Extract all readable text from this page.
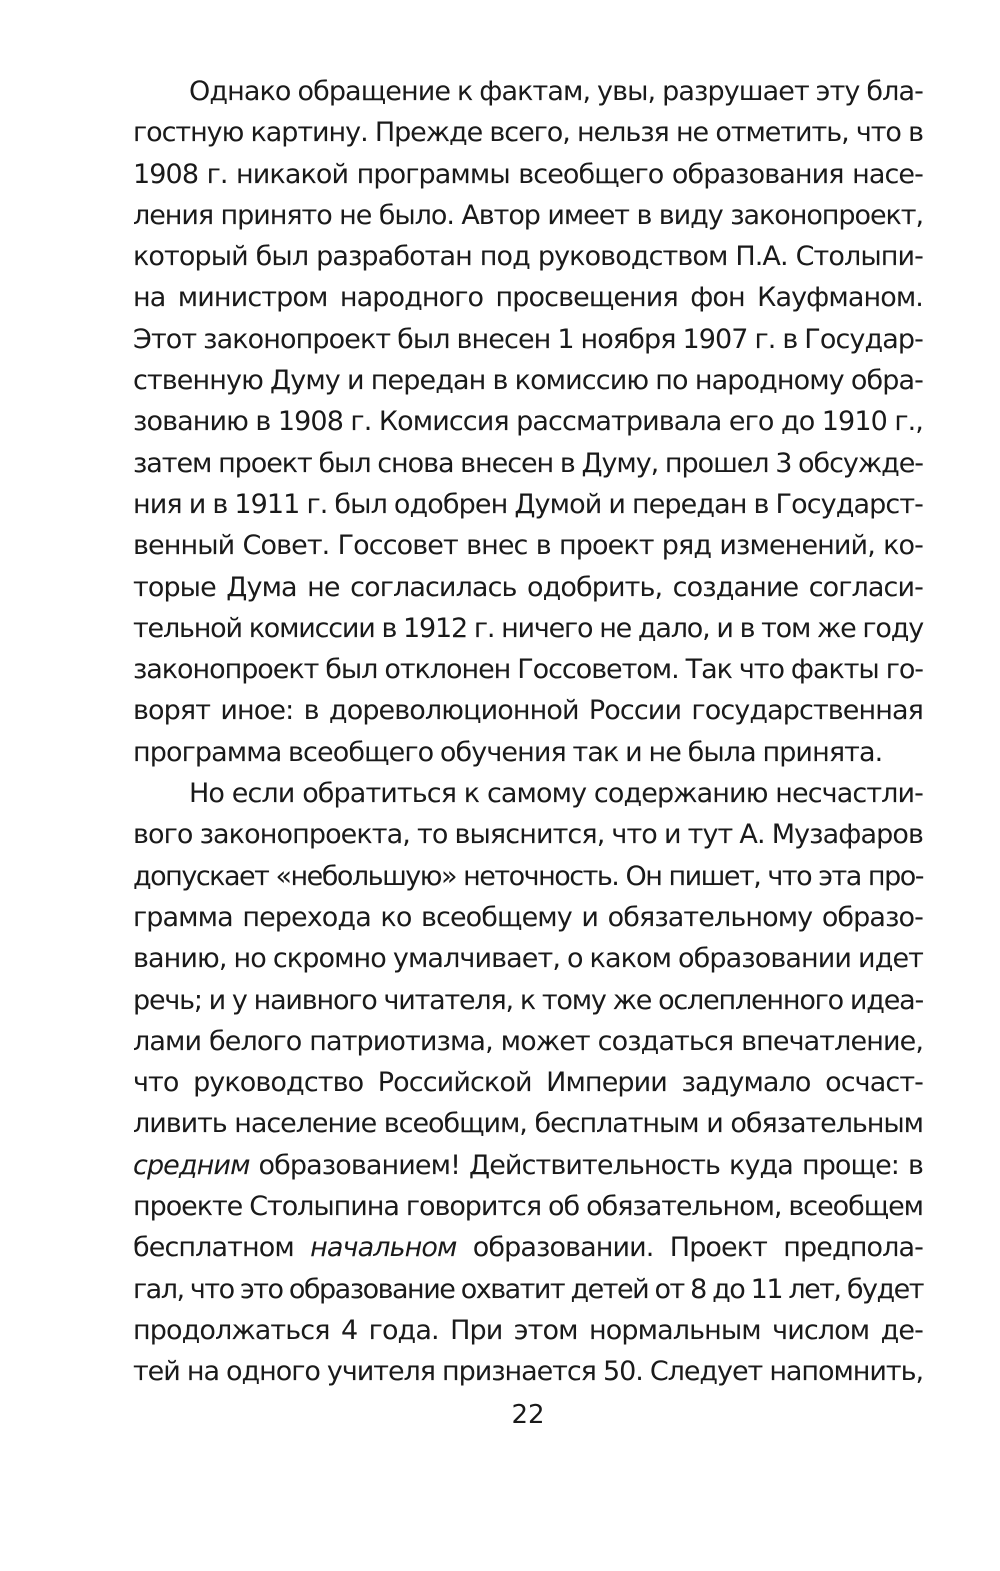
Однако обращение к фактам, увы, разрушает эту бла-
гостную картину. Прежде всего, нельзя не отметить, что в
1908 г. никакой программы всеобщего образования насе-
ления принято не было. Автор имеет в виду законопроект,
который был разработан под руководством П.А. Столыпи-
на министром народного просвещения фон Кауфманом.
Этот законопроект был внесен 1 ноября 1907 г. в Государ-
ственную Думу и передан в комиссию по народному обра-
зованию в 1908 г. Комиссия рассматривала его до 1910 г.,
затем проект был снова внесен в Думу, прошел 3 обсужде-
ния и в 1911 г. был одобрен Думой и передан в Государст-
венный Совет. Госсовет внес в проект ряд изменений, ко-
торые Дума не согласилась одобрить, создание согласи-
тельной комиссии в 1912 г. ничего не дало, и в том же году
законопроект был отклонен Госсоветом. Так что факты го-
ворят иное: в дореволюционной России государственная
программа всеобщего обучения так и не была принята.
Но если обратиться к самому содержанию несчастли-
вого законопроекта, то выяснится, что и тут А. Музафаров
допускает «небольшую» неточность. Он пишет, что эта про-
грамма перехода ко всеобщему и обязательному образо-
ванию, но скромно умалчивает, о каком образовании идет
речь; и у наивного читателя, к тому же ослепленного идеа-
лами белого патриотизма, может создаться впечатление,
что руководство Российской Империи задумало осчаст-
ливить население всеобщим, бесплатным и обязательным
средним образованием! Действительность куда проще: в
проекте Столыпина говорится об обязательном, всеобщем
бесплатном начальном образовании. Проект предпола-
гал, что это образование охватит детей от 8 до 11 лет, будет
продолжаться 4 года. При этом нормальным числом де-
тей на одного учителя признается 50. Следует напомнить,
22
